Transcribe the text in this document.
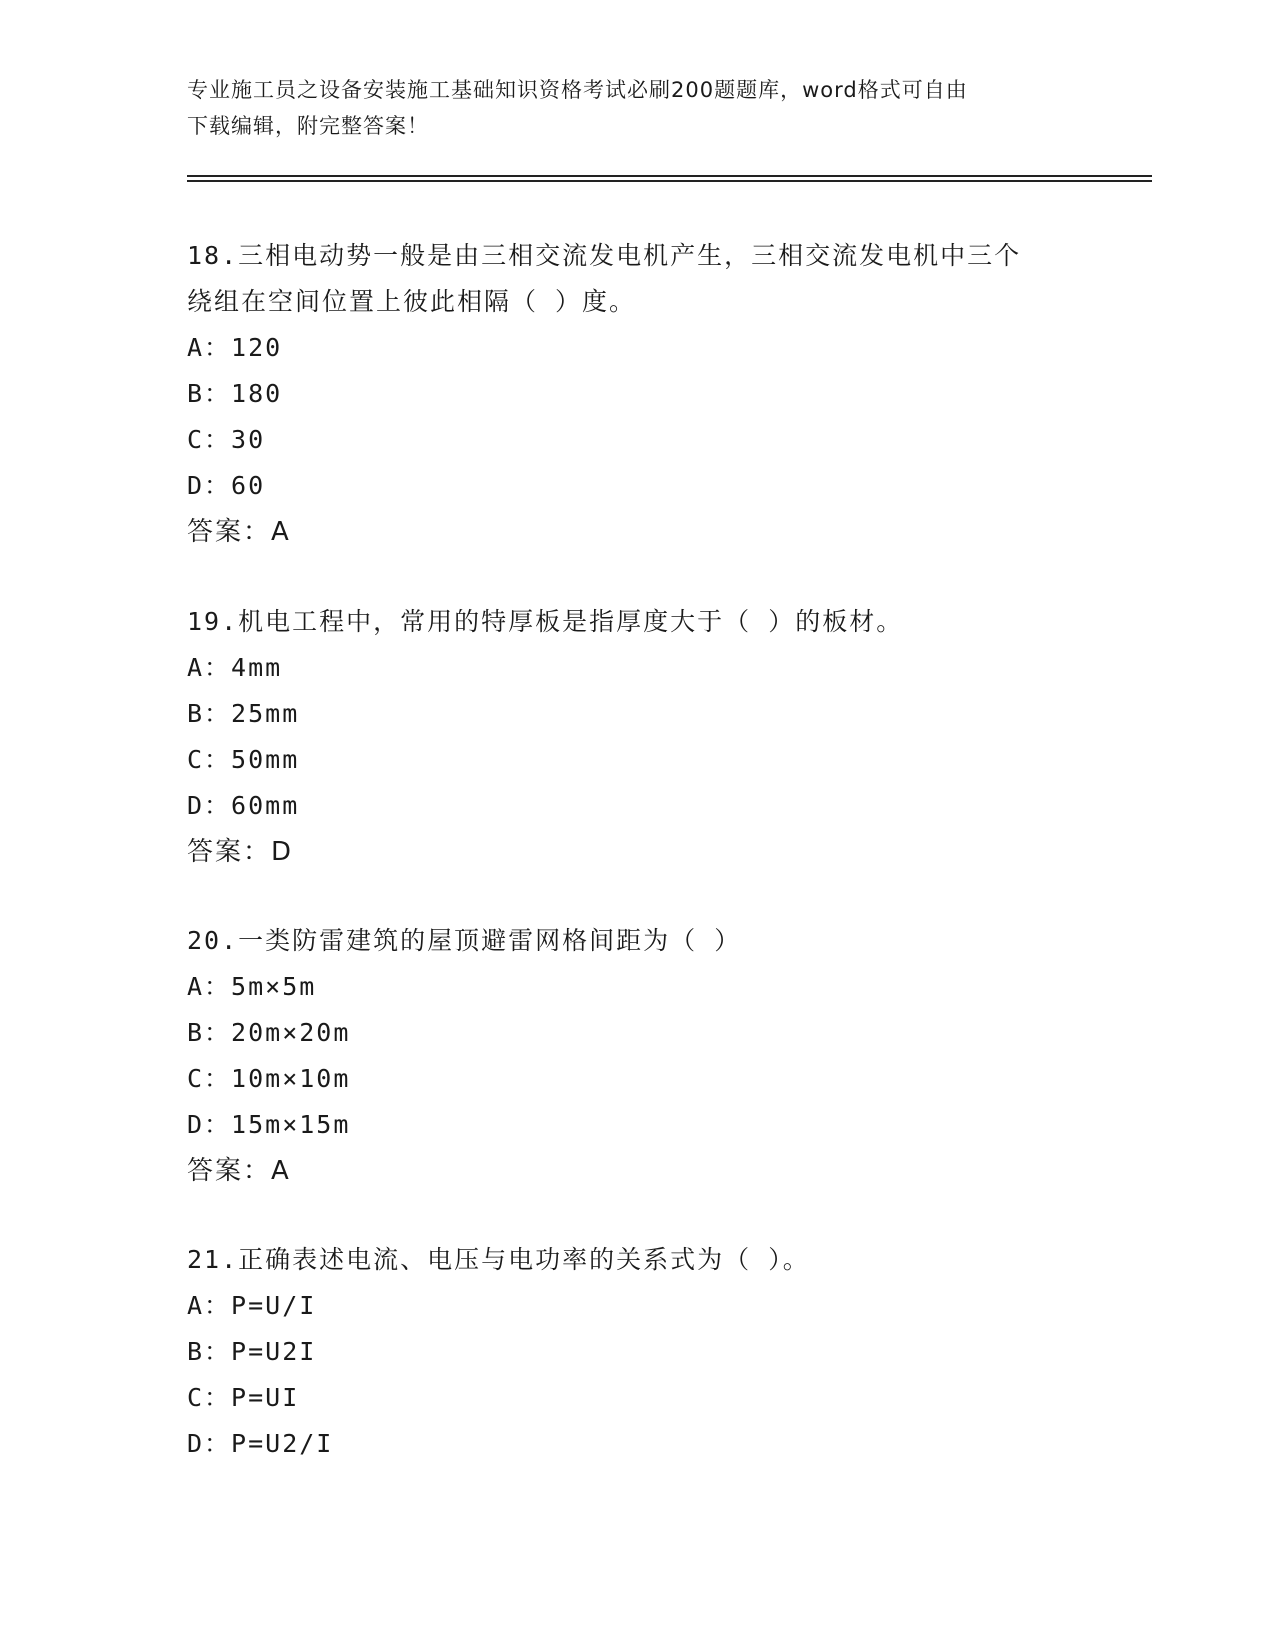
专业施工员之设备安装施工基础知识资格考试必刷200题题库，word格式可自由
下载编辑，附完整答案！

18.三相电动势一般是由三相交流发电机产生，三相交流发电机中三个

绕组在空间位置上彼此相隔（ ）度。

A：120

B：180

C：30

D：60

答案：A

19.机电工程中，常用的特厚板是指厚度大于（ ）的板材。

A：4mm

B：25mm

C：50mm

D：60mm

答案：D

20.一类防雷建筑的屋顶避雷网格间距为（ ）

A：5m×5m

B：20m×20m

C：10m×10m

D：15m×15m

答案：A

21.正确表述电流、电压与电功率的关系式为（ ）。

A：P=U/I

B：P=U2I

C：P=UI

D：P=U2/I
